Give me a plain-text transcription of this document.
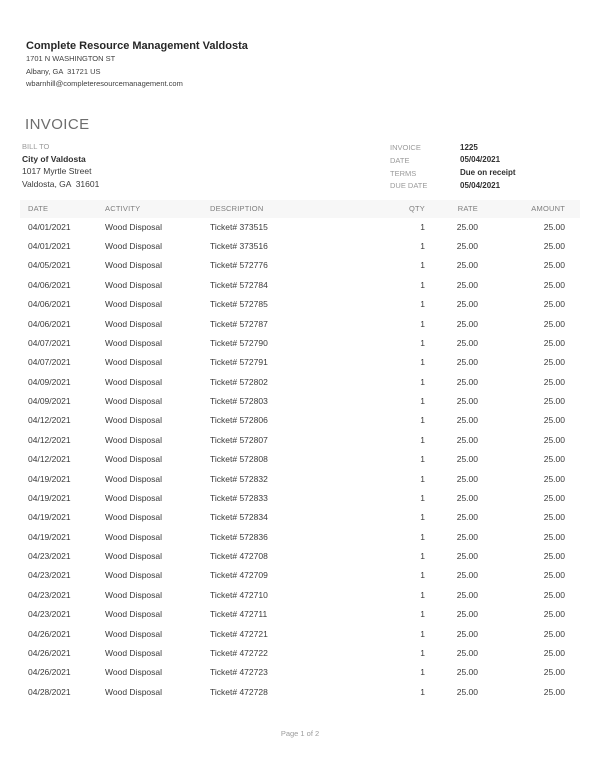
Complete Resource Management Valdosta
1701 N WASHINGTON ST
Albany, GA  31721 US
wbarnhill@completeresourcemanagement.com
INVOICE
BILL TO
City of Valdosta
1017 Myrtle Street
Valdosta, GA  31601
INVOICE	1225
DATE	05/04/2021
TERMS	Due on receipt
DUE DATE	05/04/2021
DATE	ACTIVITY	DESCRIPTION	QTY	RATE	AMOUNT
04/01/2021	Wood Disposal	Ticket# 373515	1	25.00	25.00
04/01/2021	Wood Disposal	Ticket# 373516	1	25.00	25.00
04/05/2021	Wood Disposal	Ticket# 572776	1	25.00	25.00
04/06/2021	Wood Disposal	Ticket# 572784	1	25.00	25.00
04/06/2021	Wood Disposal	Ticket# 572785	1	25.00	25.00
04/06/2021	Wood Disposal	Ticket# 572787	1	25.00	25.00
04/07/2021	Wood Disposal	Ticket# 572790	1	25.00	25.00
04/07/2021	Wood Disposal	Ticket# 572791	1	25.00	25.00
04/09/2021	Wood Disposal	Ticket# 572802	1	25.00	25.00
04/09/2021	Wood Disposal	Ticket# 572803	1	25.00	25.00
04/12/2021	Wood Disposal	Ticket# 572806	1	25.00	25.00
04/12/2021	Wood Disposal	Ticket# 572807	1	25.00	25.00
04/12/2021	Wood Disposal	Ticket# 572808	1	25.00	25.00
04/19/2021	Wood Disposal	Ticket# 572832	1	25.00	25.00
04/19/2021	Wood Disposal	Ticket# 572833	1	25.00	25.00
04/19/2021	Wood Disposal	Ticket# 572834	1	25.00	25.00
04/19/2021	Wood Disposal	Ticket# 572836	1	25.00	25.00
04/23/2021	Wood Disposal	Ticket# 472708	1	25.00	25.00
04/23/2021	Wood Disposal	Ticket# 472709	1	25.00	25.00
04/23/2021	Wood Disposal	Ticket# 472710	1	25.00	25.00
04/23/2021	Wood Disposal	Ticket# 472711	1	25.00	25.00
04/26/2021	Wood Disposal	Ticket# 472721	1	25.00	25.00
04/26/2021	Wood Disposal	Ticket# 472722	1	25.00	25.00
04/26/2021	Wood Disposal	Ticket# 472723	1	25.00	25.00
04/28/2021	Wood Disposal	Ticket# 472728	1	25.00	25.00
Page 1 of 2
